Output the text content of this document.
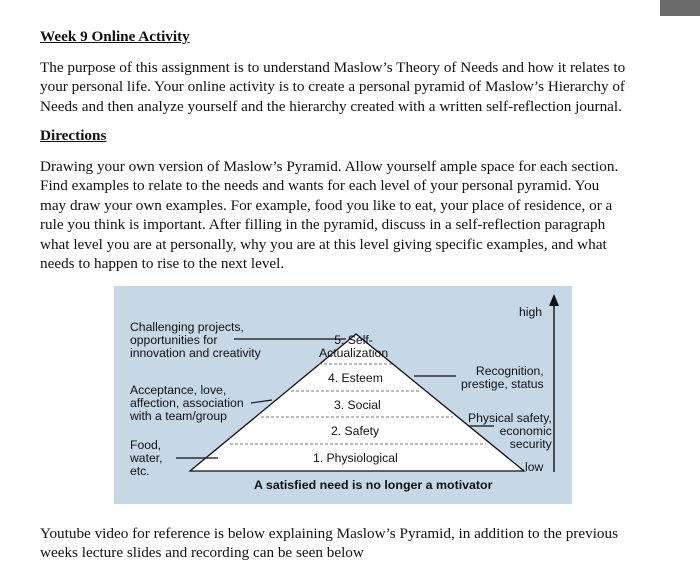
Week 9 Online Activity
The purpose of this assignment is to understand Maslow’s Theory of Needs and how it relates to
your personal life. Your online activity is to create a personal pyramid of Maslow’s Hierarchy of
Needs and then analyze yourself and the hierarchy created with a written self-reflection journal.
Directions
Drawing your own version of Maslow’s Pyramid. Allow yourself ample space for each section.
Find examples to relate to the needs and wants for each level of your personal pyramid. You
may draw your own examples. For example, food you like to eat, your place of residence, or a
rule you think is important. After filling in the pyramid, discuss in a self-reflection paragraph
what level you are at personally, why you are at this level giving specific examples, and what
needs to happen to rise to the next level.
high
low
Challenging projects,
opportunities for
innovation and creativity
Acceptance, love,
affection, association
with a team/group
Food,
water,
etc.
Recognition,
prestige, status
Physical safety,
economic
security
5. Self-
Actualization
4. Esteem
3. Social
2. Safety
1. Physiological
A satisfied need is no longer a motivator
Youtube video for reference is below explaining Maslow’s Pyramid, in addition to the previous
weeks lecture slides and recording can be seen below
